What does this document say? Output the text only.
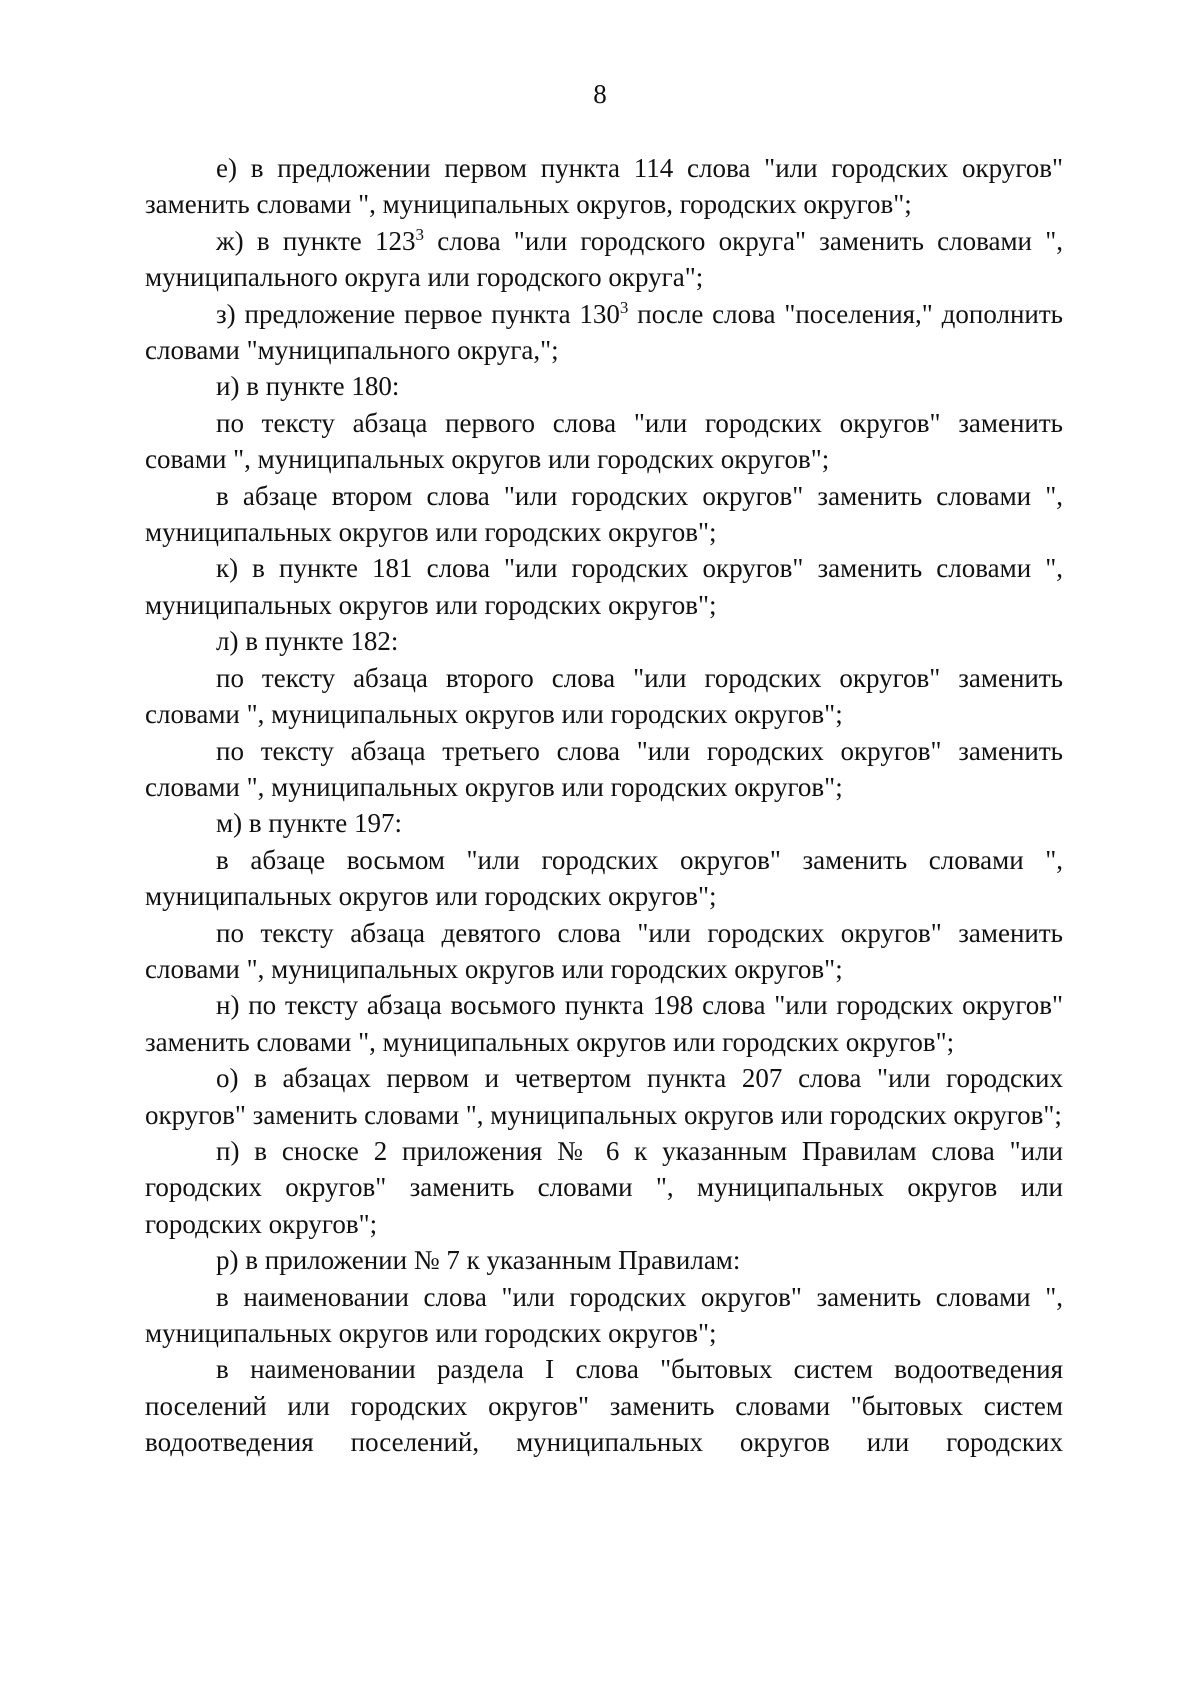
8

е) в предложении первом пункта 114 слова "или городских округов" заменить словами ", муниципальных округов, городских округов";

ж) в пункте $123^3$ слова "или городского округа" заменить словами ", муниципального округа или городского округа";

з) предложение первое пункта $130^3$ после слова "поселения," дополнить словами "муниципального округа,";

и) в пункте 180:

по тексту абзаца первого слова "или городских округов" заменить совами ", муниципальных округов или городских округов";

в абзаце втором слова "или городских округов" заменить словами ", муниципальных округов или городских округов";

к) в пункте 181 слова "или городских округов" заменить словами ", муниципальных округов или городских округов";

л) в пункте 182:

по тексту абзаца второго слова "или городских округов" заменить словами ", муниципальных округов или городских округов";

по тексту абзаца третьего слова "или городских округов" заменить словами ", муниципальных округов или городских округов";

м) в пункте 197:

в абзаце восьмом "или городских округов" заменить словами ", муниципальных округов или городских округов";

по тексту абзаца девятого слова "или городских округов" заменить словами ", муниципальных округов или городских округов";

н) по тексту абзаца восьмого пункта 198 слова "или городских округов" заменить словами ", муниципальных округов или городских округов";

о) в абзацах первом и четвертом пункта 207 слова "или городских округов" заменить словами ", муниципальных округов или городских округов";

п) в сноске 2 приложения № 6 к указанным Правилам слова "или городских округов" заменить словами ", муниципальных округов или городских округов";

р) в приложении № 7 к указанным Правилам:

в наименовании слова "или городских округов" заменить словами ", муниципальных округов или городских округов";

в наименовании раздела I слова "бытовых систем водоотведения поселений или городских округов" заменить словами "бытовых систем водоотведения поселений, муниципальных округов или городских
